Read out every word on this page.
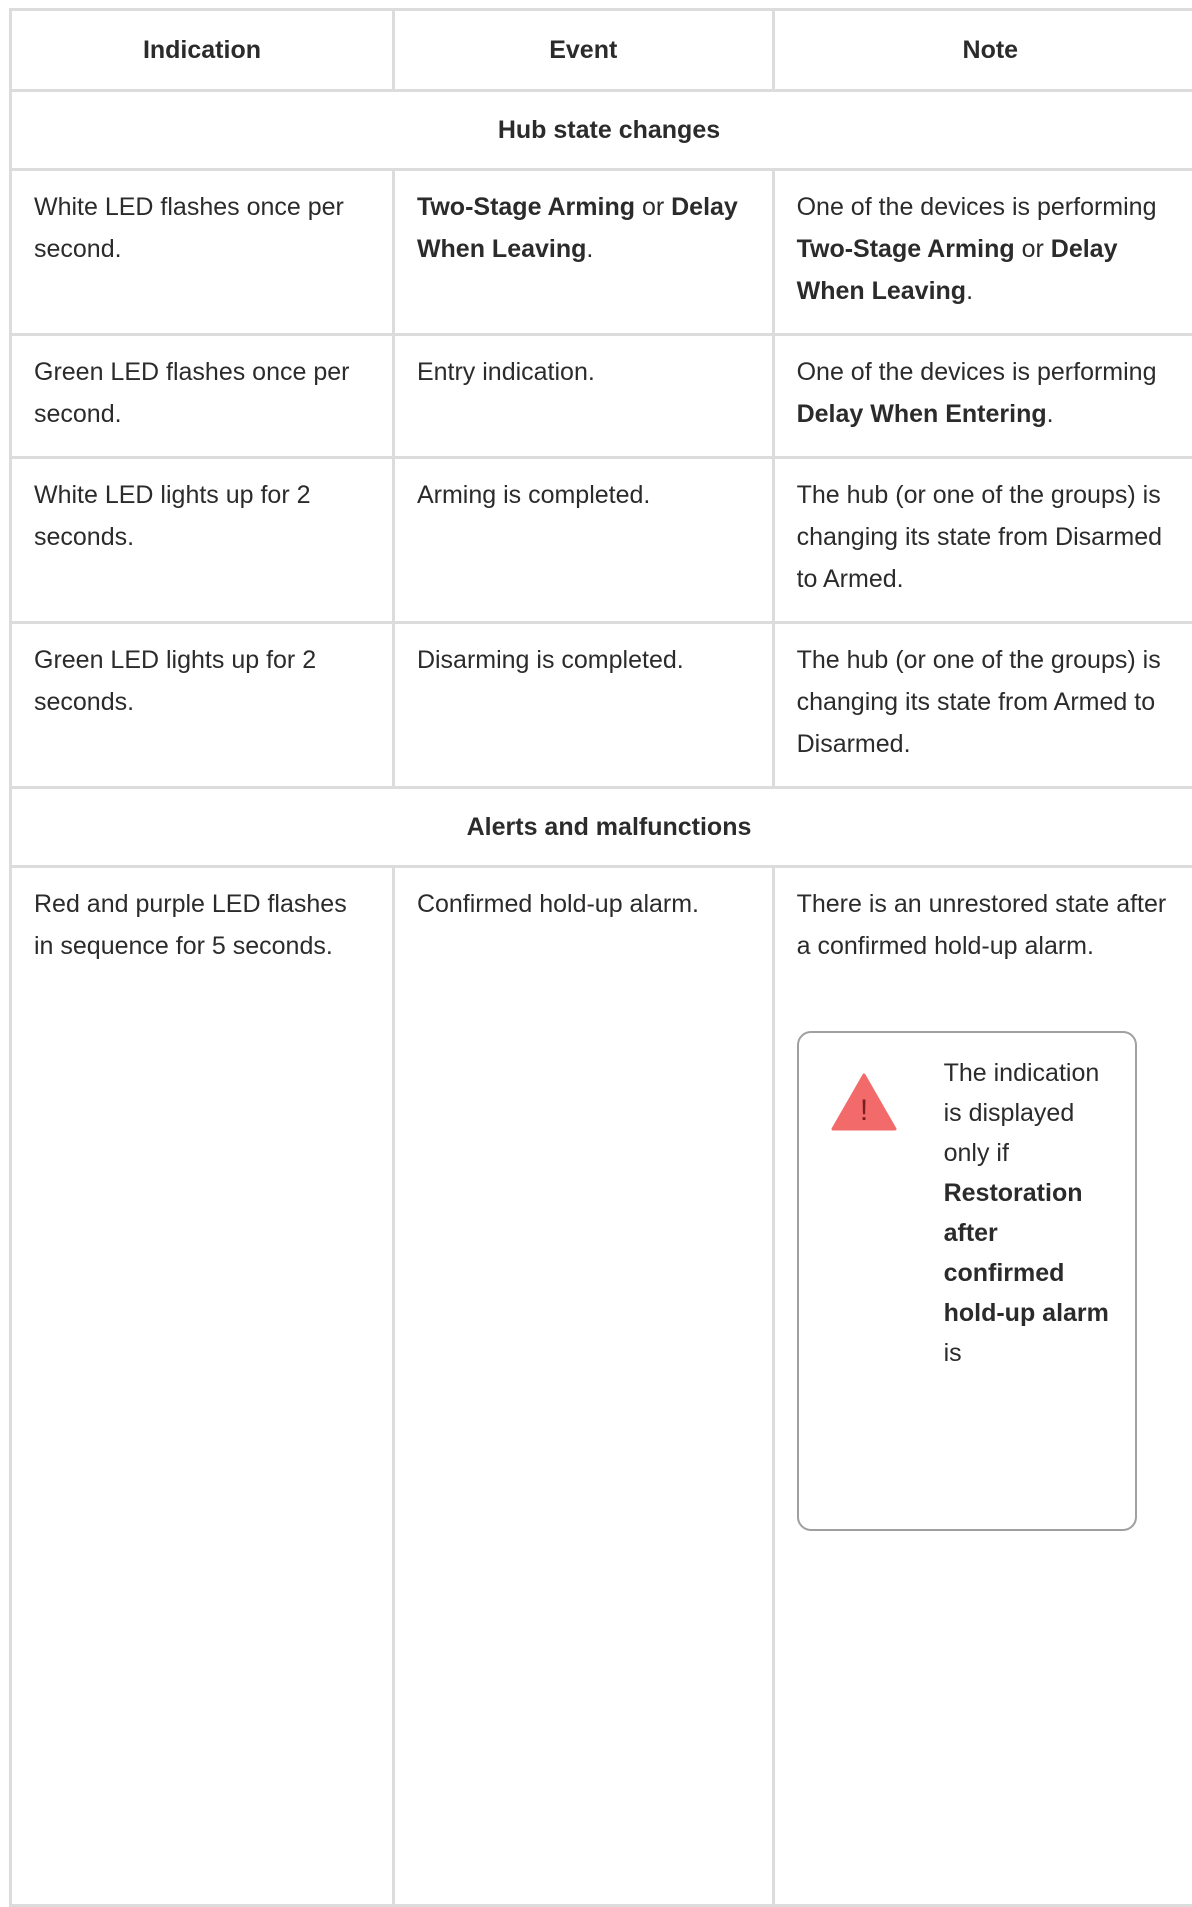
Indication	Event	Note
Hub state changes		
White LED flashes once per second.	Two-Stage Arming or Delay When Leaving.	One of the devices is performing Two-Stage Arming or Delay When Leaving.
Green LED flashes once per second.	Entry indication.	One of the devices is performing Delay When Entering.
White LED lights up for 2 seconds.	Arming is completed.	The hub (or one of the groups) is changing its state from Disarmed to Armed.
Green LED lights up for 2 seconds.	Disarming is completed.	The hub (or one of the groups) is changing its state from Armed to Disarmed.
Alerts and malfunctions		
Red and purple LED flashes in sequence for 5 seconds.	Confirmed hold-up alarm.	There is an unrestored state after a confirmed hold-up alarm.
!
The indication is displayed only if Restoration after confirmed hold-up alarm is
